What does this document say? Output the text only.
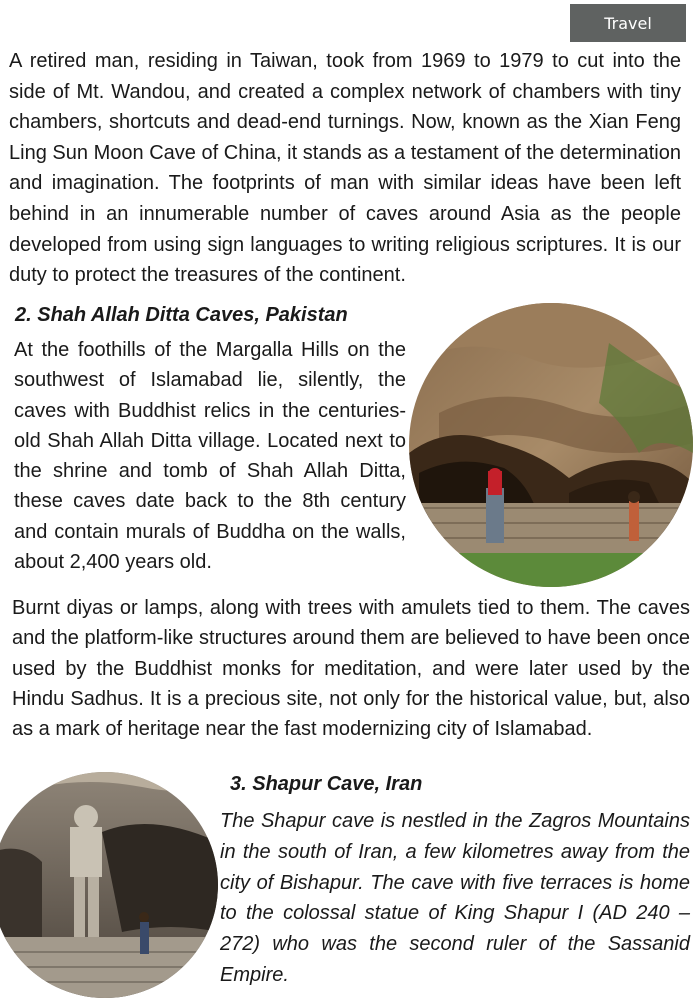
Travel

A retired man, residing in Taiwan, took from 1969 to 1979 to cut into the side of Mt. Wandou, and created a complex network of chambers with tiny chambers, shortcuts and dead-end turnings. Now, known as the Xian Feng Ling Sun Moon Cave of China, it stands as a testament of the determination and imagination. The footprints of man with similar ideas have been left behind in an innumerable number of caves around Asia as the people developed from using sign languages to writing religious scriptures. It is our duty to protect the treasures of the continent.

2. Shah Allah Ditta Caves, Pakistan

At the foothills of the Margalla Hills on the southwest of Islamabad lie, silently, the caves with Buddhist relics in the centuries-old Shah Allah Ditta village. Located next to the shrine and tomb of Shah Allah Ditta, these caves date back to the 8th century and contain murals of Buddha on the walls, about 2,400 years old.

Burnt diyas or lamps, along with trees with amulets tied to them. The caves and the platform-like structures around them are believed to have been once used by the Buddhist monks for meditation, and were later used by the Hindu Sadhus. It is a precious site, not only for the historical value, but, also as a mark of heritage near the fast modernizing city of Islamabad.

3. Shapur Cave, Iran

The Shapur cave is nestled in the Zagros Mountains in the south of Iran, a few kilometres away from the city of Bishapur. The cave with five terraces is home to the colossal statue of King Shapur I (AD 240 – 272) who was the second ruler of the Sassanid Empire.
